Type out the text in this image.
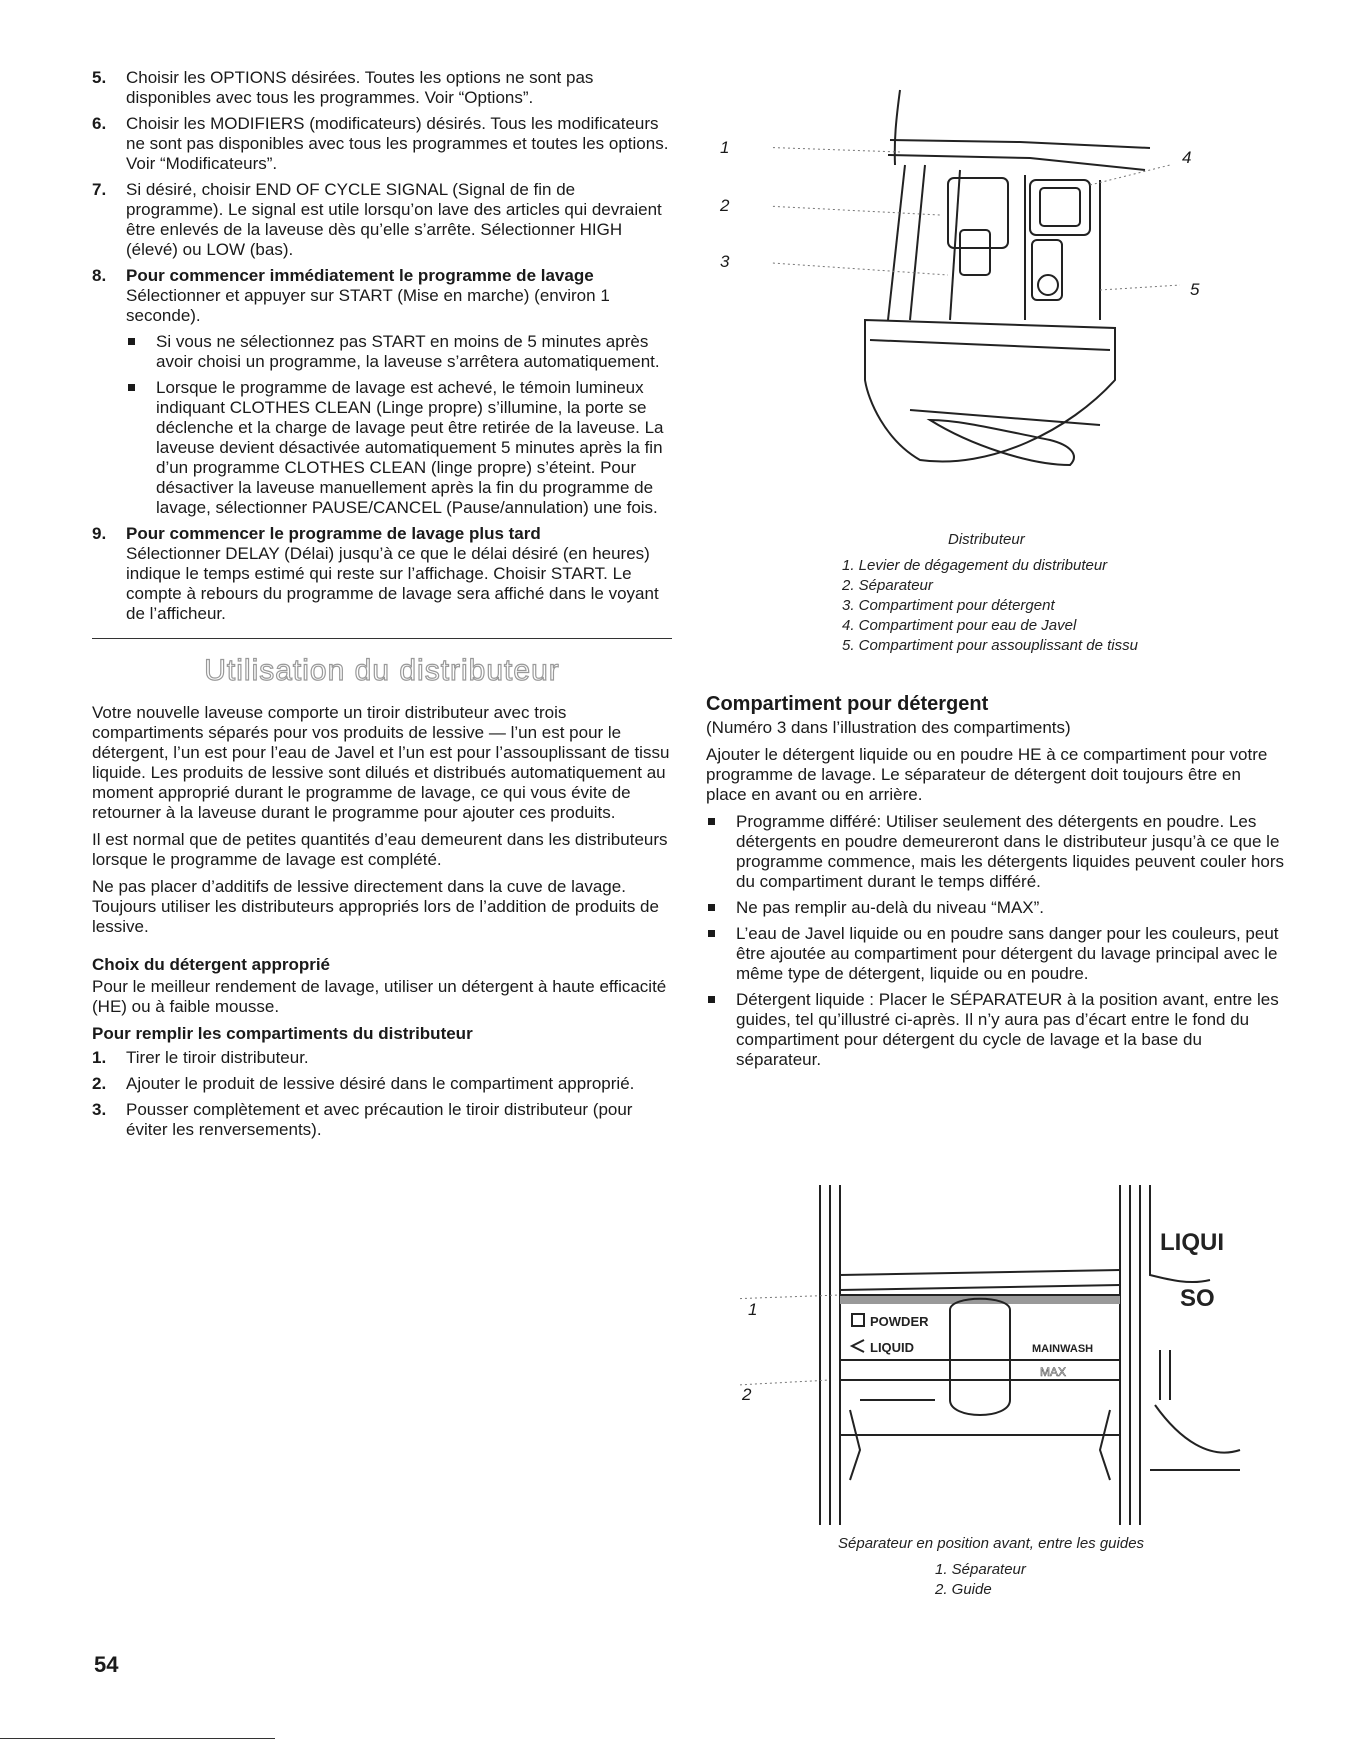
5.	Choisir les OPTIONS désirées. Toutes les options ne sont pas disponibles avec tous les programmes. Voir “Options”.
6.	Choisir les MODIFIERS (modificateurs) désirés. Tous les modificateurs ne sont pas disponibles avec tous les programmes et toutes les options. Voir “Modificateurs”.
7.	Si désiré, choisir END OF CYCLE SIGNAL (Signal de fin de programme). Le signal est utile lorsqu’on lave des articles qui devraient être enlevés de la laveuse dès qu’elle s’arrête. Sélectionner HIGH (élevé) ou LOW (bas).
8.	Pour commencer immédiatement le programme de lavage
Sélectionner et appuyer sur START (Mise en marche) (environ 1 seconde).
Si vous ne sélectionnez pas START en moins de 5 minutes après avoir choisi un programme, la laveuse s’arrêtera automatiquement.
Lorsque le programme de lavage est achevé, le témoin lumineux indiquant CLOTHES CLEAN (Linge propre) s’illumine, la porte se déclenche et la charge de lavage peut être retirée de la laveuse. La laveuse devient désactivée automatiquement 5 minutes après la fin d’un programme CLOTHES CLEAN (linge propre) s’éteint. Pour désactiver la laveuse manuellement après la fin du programme de lavage, sélectionner PAUSE/CANCEL (Pause/annulation) une fois.
9.	Pour commencer le programme de lavage plus tard
Sélectionner DELAY (Délai) jusqu’à ce que le délai désiré (en heures) indique le temps estimé qui reste sur l’affichage. Choisir START. Le compte à rebours du programme de lavage sera affiché dans le voyant de l’afficheur.
Utilisation du distributeur

Votre nouvelle laveuse comporte un tiroir distributeur avec trois compartiments séparés pour vos produits de lessive — l’un est pour le détergent, l’un est pour l’eau de Javel et l’un est pour l’assouplissant de tissu liquide. Les produits de lessive sont dilués et distribués automatiquement au moment approprié durant le programme de lavage, ce qui vous évite de retourner à la laveuse durant le programme pour ajouter ces produits.

Il est normal que de petites quantités d’eau demeurent dans les distributeurs lorsque le programme de lavage est complété.

Ne pas placer d’additifs de lessive directement dans la cuve de lavage. Toujours utiliser les distributeurs appropriés lors de l’addition de produits de lessive.

Choix du détergent approprié

Pour le meilleur rendement de lavage, utiliser un détergent à haute efficacité (HE) ou à faible mousse.

Pour remplir les compartiments du distributeur
1.	Tirer le tiroir distributeur.
2.	Ajouter le produit de lessive désiré dans le compartiment approprié.
3.	Pousser complètement et avec précaution le tiroir distributeur (pour éviter les renversements).
1
2
3
4
5
Distributeur
1. Levier de dégagement du distributeur
2. Séparateur
3. Compartiment pour détergent
4. Compartiment pour eau de Javel
5. Compartiment pour assouplissant de tissu
Compartiment pour détergent

(Numéro 3 dans l’illustration des compartiments)

Ajouter le détergent liquide ou en poudre HE à ce compartiment pour votre programme de lavage. Le séparateur de détergent doit toujours être en place en avant ou en arrière.

Programme différé: Utiliser seulement des détergents en poudre. Les détergents en poudre demeureront dans le distributeur jusqu’à ce que le programme commence, mais les détergents liquides peuvent couler hors du compartiment durant le temps différé.
Ne pas remplir au-delà du niveau “MAX”.
L’eau de Javel liquide ou en poudre sans danger pour les couleurs, peut être ajoutée au compartiment pour détergent du lavage principal avec le même type de détergent, liquide ou en poudre.
Détergent liquide : Placer le SÉPARATEUR à la position avant, entre les guides, tel qu’illustré ci-après. Il n’y aura pas d’écart entre le fond du compartiment pour détergent du cycle de lavage et la base du séparateur.
POWDER
LIQUID	MAINWASH
MAX
LIQUI
SO
1
2
Séparateur en position avant, entre les guides
1. Séparateur
2. Guide
54
